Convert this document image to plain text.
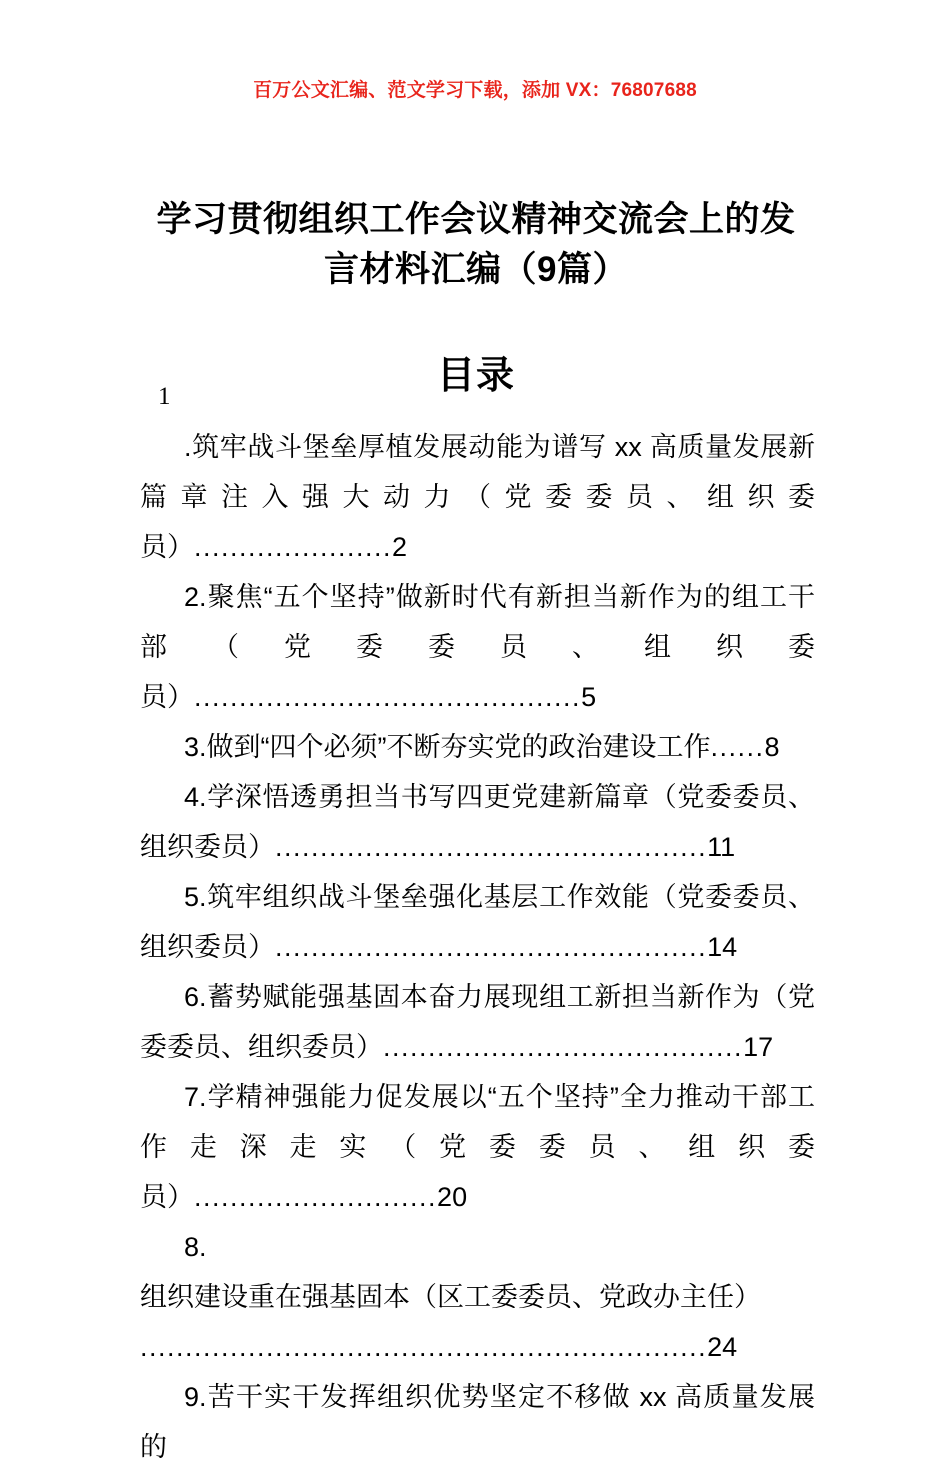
百万公文汇编、范文学习下载，添加 VX：76807688
学习贯彻组织工作会议精神交流会上的发言材料汇编（9篇）
目录
1

.筑牢战斗堡垒厚植发展动能为谱写 xx 高质量发展新篇章注入强大动力（党委委员、组织委员）......................2

2.聚焦“五个坚持”做新时代有新担当新作为的组工干部（党委委员、组织委员）...........................................5

3.做到“四个必须”不断夯实党的政治建设工作......8

4.学深悟透勇担当书写四更党建新篇章（党委委员、组织委员）................................................11

5.筑牢组织战斗堡垒强化基层工作效能（党委委员、组织委员）................................................14

6.蓄势赋能强基固本奋力展现组工新担当新作为（党委委员、组织委员）........................................17

7.学精神强能力促发展以“五个坚持”全力推动干部工作走深走实（党委委员、组织委员）...........................20

8.组织建设重在强基固本（区工委委员、党政办主任）
...............................................................24

9.苦干实干发挥组织优势坚定不移做 xx 高质量发展的
